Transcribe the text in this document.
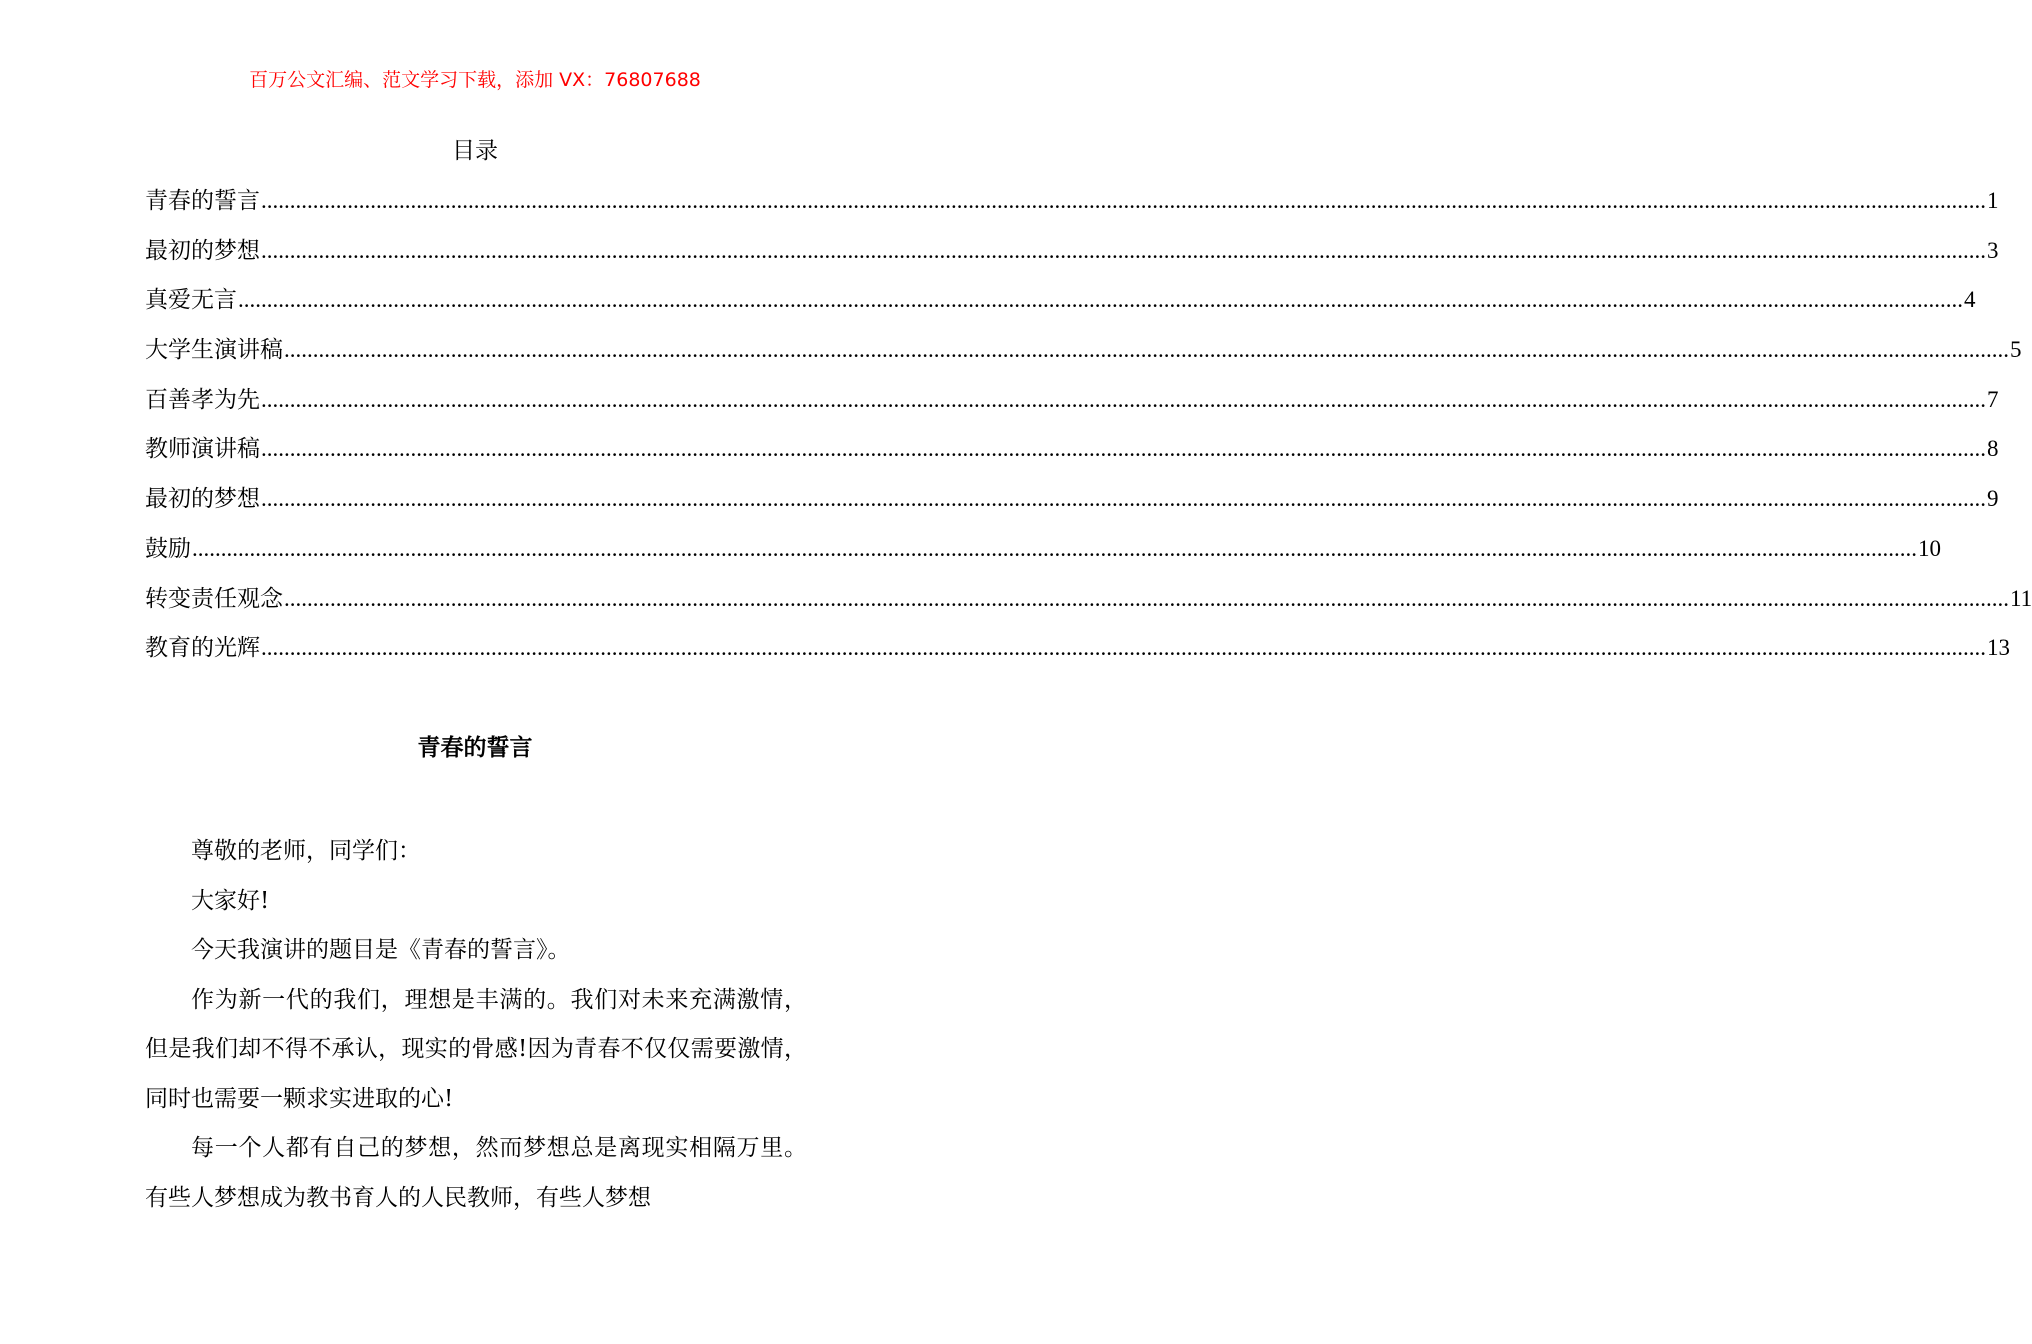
百万公文汇编、范文学习下载，添加 VX：76807688
目录
青春的誓言 ............................................................................................................................................................................................................................................................................................................ 1
最初的梦想 ............................................................................................................................................................................................................................................................................................................ 3
真爱无言 ............................................................................................................................................................................................................................................................................................................ 4
大学生演讲稿 ............................................................................................................................................................................................................................................................................................................ 5
百善孝为先 ............................................................................................................................................................................................................................................................................................................ 7
教师演讲稿 ............................................................................................................................................................................................................................................................................................................ 8
最初的梦想 ............................................................................................................................................................................................................................................................................................................ 9
鼓励 ............................................................................................................................................................................................................................................................................................................ 10
转变责任观念 ............................................................................................................................................................................................................................................................................................................ 11
教育的光辉 ............................................................................................................................................................................................................................................................................................................ 13
青春的誓言

尊敬的老师，同学们：

大家好!

今天我演讲的题目是《青春的誓言》。

作为新一代的我们，理想是丰满的。我们对未来充满激情，但是我们却不得不承认，现实的骨感!因为青春不仅仅需要激情，同时也需要一颗求实进取的心!

每一个人都有自己的梦想，然而梦想总是离现实相隔万里。有些人梦想成为教书育人的人民教师，有些人梦想
